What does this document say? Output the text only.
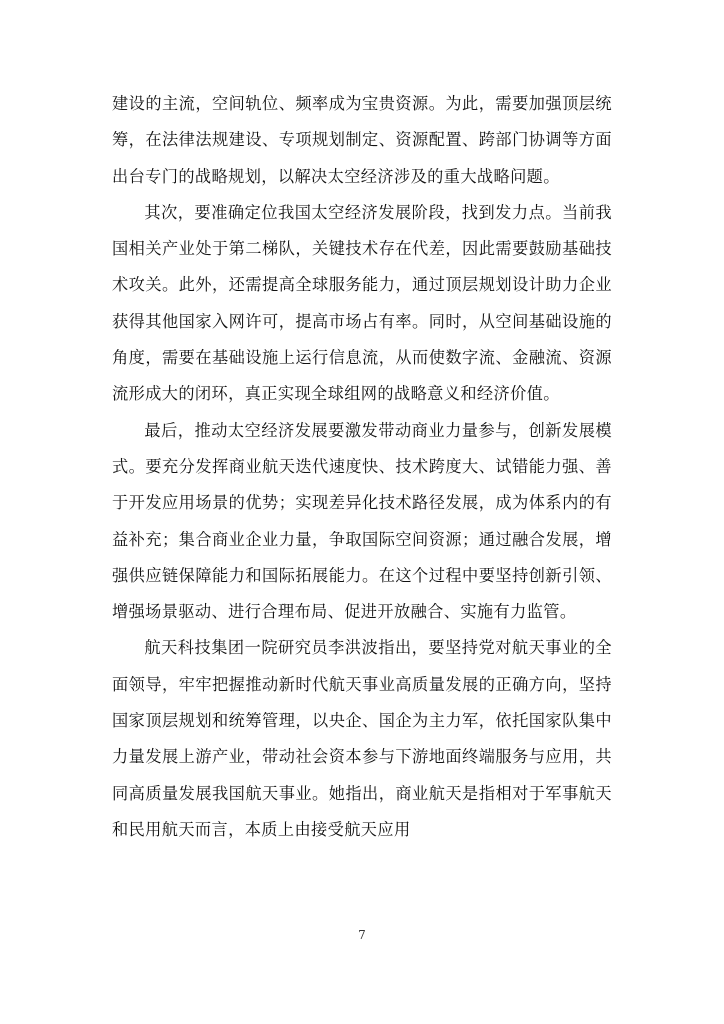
建设的主流，空间轨位、频率成为宝贵资源。为此，需要加强顶层统筹，在法律法规建设、专项规划制定、资源配置、跨部门协调等方面出台专门的战略规划，以解决太空经济涉及的重大战略问题。

其次，要准确定位我国太空经济发展阶段，找到发力点。当前我国相关产业处于第二梯队，关键技术存在代差，因此需要鼓励基础技术攻关。此外，还需提高全球服务能力，通过顶层规划设计助力企业获得其他国家入网许可，提高市场占有率。同时，从空间基础设施的角度，需要在基础设施上运行信息流，从而使数字流、金融流、资源流形成大的闭环，真正实现全球组网的战略意义和经济价值。

最后，推动太空经济发展要激发带动商业力量参与，创新发展模式。要充分发挥商业航天迭代速度快、技术跨度大、试错能力强、善于开发应用场景的优势；实现差异化技术路径发展，成为体系内的有益补充；集合商业企业力量，争取国际空间资源；通过融合发展，增强供应链保障能力和国际拓展能力。在这个过程中要坚持创新引领、增强场景驱动、进行合理布局、促进开放融合、实施有力监管。

航天科技集团一院研究员李洪波指出，要坚持党对航天事业的全面领导，牢牢把握推动新时代航天事业高质量发展的正确方向，坚持国家顶层规划和统筹管理，以央企、国企为主力军，依托国家队集中力量发展上游产业，带动社会资本参与下游地面终端服务与应用，共同高质量发展我国航天事业。她指出，商业航天是指相对于军事航天和民用航天而言，本质上由接受航天应用

7
